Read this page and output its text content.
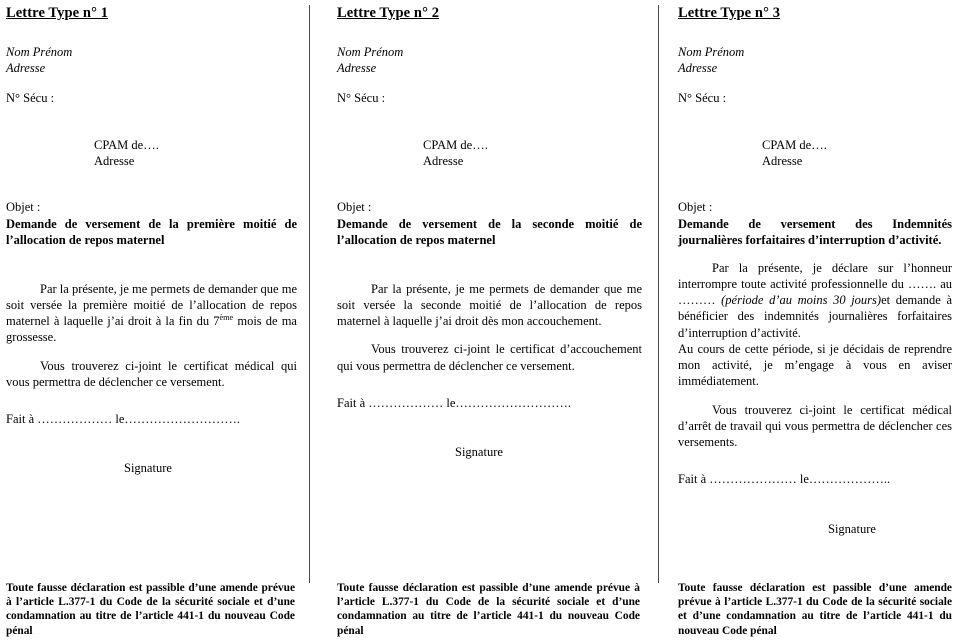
Lettre Type n° 1
Nom Prénom
Adresse
N° Sécu :
CPAM de….
Adresse
Objet :
Demande de versement de la première moitié de l’allocation de repos maternel

Par la présente, je me permets de demander que me soit versée la première moitié de l’allocation de repos maternel à laquelle j’ai droit à la fin du 7ème mois de ma grossesse.

Vous trouverez ci-joint le certificat médical qui vous permettra de déclencher ce versement.

Fait à ……………… le……………………….
Signature
Toute fausse déclaration est passible d’une amende prévue à l’article L.377-1 du Code de la sécurité sociale et d’une condamnation au titre de l’article 441-1 du nouveau Code pénal
Lettre Type n° 2
Nom Prénom
Adresse
N° Sécu :
CPAM de….
Adresse
Objet :
Demande de versement de la seconde moitié de l’allocation de repos maternel

Par la présente, je me permets de demander que me soit versée la seconde moitié de l’allocation de repos maternel à laquelle j’ai droit dès mon accouchement.

Vous trouverez ci-joint le certificat d’accouchement qui vous permettra de déclencher ce versement.

Fait à ……………… le……………………….
Signature
Toute fausse déclaration est passible d’une amende prévue à l’article L.377-1 du Code de la sécurité sociale et d’une condamnation au titre de l’article 441-1 du nouveau Code pénal
Lettre Type n° 3
Nom Prénom
Adresse
N° Sécu :
CPAM de….
Adresse
Objet :
Demande de versement des Indemnités journalières forfaitaires d’interruption d’activité.

Par la présente, je déclare sur l’honneur interrompre toute activité professionnelle du ……. au ……… (période d’au moins 30 jours)et demande à bénéficier des indemnités journalières forfaitaires d’interruption d’activité.

Au cours de cette période, si je décidais de reprendre mon activité, je m’engage à vous en aviser immédiatement.

Vous trouverez ci-joint le certificat médical d’arrêt de travail qui vous permettra de déclencher ces versements.

Fait à ………………… le………………..
Signature
Toute fausse déclaration est passible d’une amende prévue à l’article L.377-1 du Code de la sécurité sociale et d’une condamnation au titre de l’article 441-1 du nouveau Code pénal
